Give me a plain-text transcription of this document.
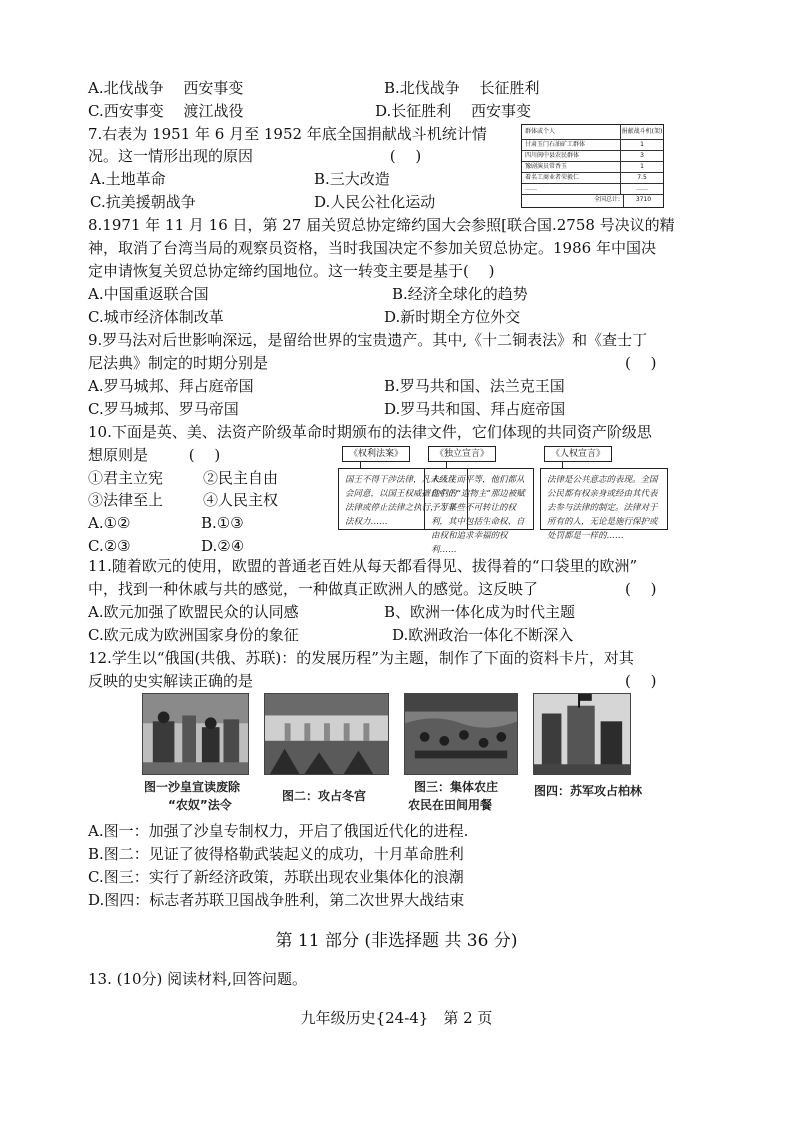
A.北伐战争　 西安事变	B.北伐战争　 长征胜利
C.西安事变　 渡江战役	D.长征胜利　 西安事变
7.右表为 1951 年 6 月至 1952 年底全国捐献战斗机统计情
况。这一情形出现的原因	(　 )
A.土地革命	B.三大改造
C.抗美援朝战争	D.人民公社化运动
群体或个人	捐献战斗机(架)
甘肃玉门石油矿工群体	1
四川阆中县农民群体	3
豫剧演员常香玉	1
着名工商业者荣毅仁	7.5
……	……
全国总计:	3710
8.1971 年 11 月 16 日，第 27 届关贸总协定缔约国大会参照[联合国.2758 号决议的精
神，取消了台湾当局的观察员资格，当时我国决定不参加关贸总协定。1986 年中国决
定申请恢复关贸总协定缔约国地位。这一转变主要是基于(　 )
A.中国重返联合国	B.经济全球化的趋势
C.城市经济体制改革	D.新时期全方位外交
9.罗马法对后世影响深远，是留给世界的宝贵遗产。其中,《十二铜表法》和《查士丁
尼法典》制定的时期分别是	(　 )
A.罗马城邦、拜占庭帝国	B.罗马共和国、法兰克王国
C.罗马城邦、罗马帝国	D.罗马共和国、拜占庭帝国
10.下面是英、美、法资产阶级革命时期颁布的法律文件，它们体现的共同资产阶级思
想原则是	(　 )
①君主立宪	②民主自由
③法律至上	④人民主权
A.①②	B.①③
C.②③	D.②④
《权利法案》
国王不得干涉法律，凡未经议会同意，以国王权威擅自中止法律或停止法律之执行，为非法权力……
《独立宣言》
人人生而平等，他们都从他们的“造物主”那边被赋予了某些不可转让的权利，其中包括生命权、自由权和追求幸福的权利……
《人权宣言》
法律是公共意志的表现。全国公民都有权亲身或经由其代表去参与法律的制定。法律对于所有的人，无论是施行保护或处罚都是一样的……
11.随着欧元的使用，欧盟的普通老百姓从每天都看得见、拔得着的“口袋里的欧洲”
中，找到一种休戚与共的感觉，一种做真正欧洲人的感觉。这反映了	(　 )
A.欧元加强了欧盟民众的认同感	B、欧洲一体化成为时代主题
C.欧元成为欧洲国家身份的象征	D.欧洲政治一体化不断深入
12.学生以“俄国(共俄、苏联)：的发展历程”为主题，制作了下面的资料卡片，对其
反映的史实解读正确的是	(　 )
图一沙皇宣读废除
“农奴”法令
图二：攻占冬宫
图三：集体农庄
农民在田间用餐
图四：苏军攻占柏林
A.图一：加强了沙皇专制权力，开启了俄国近代化的进程.
B.图二：见证了彼得格勒武装起义的成功，十月革命胜利
C.图三：实行了新经济政策，苏联出现农业集体化的浪潮
D.图四：标志者苏联卫国战争胜利，第二次世界大战结束
第 11 部分 (非选择题 共 36 分)
13. (10分) 阅读材料,回答问题。
九年级历史{24-4}　第 2 页
